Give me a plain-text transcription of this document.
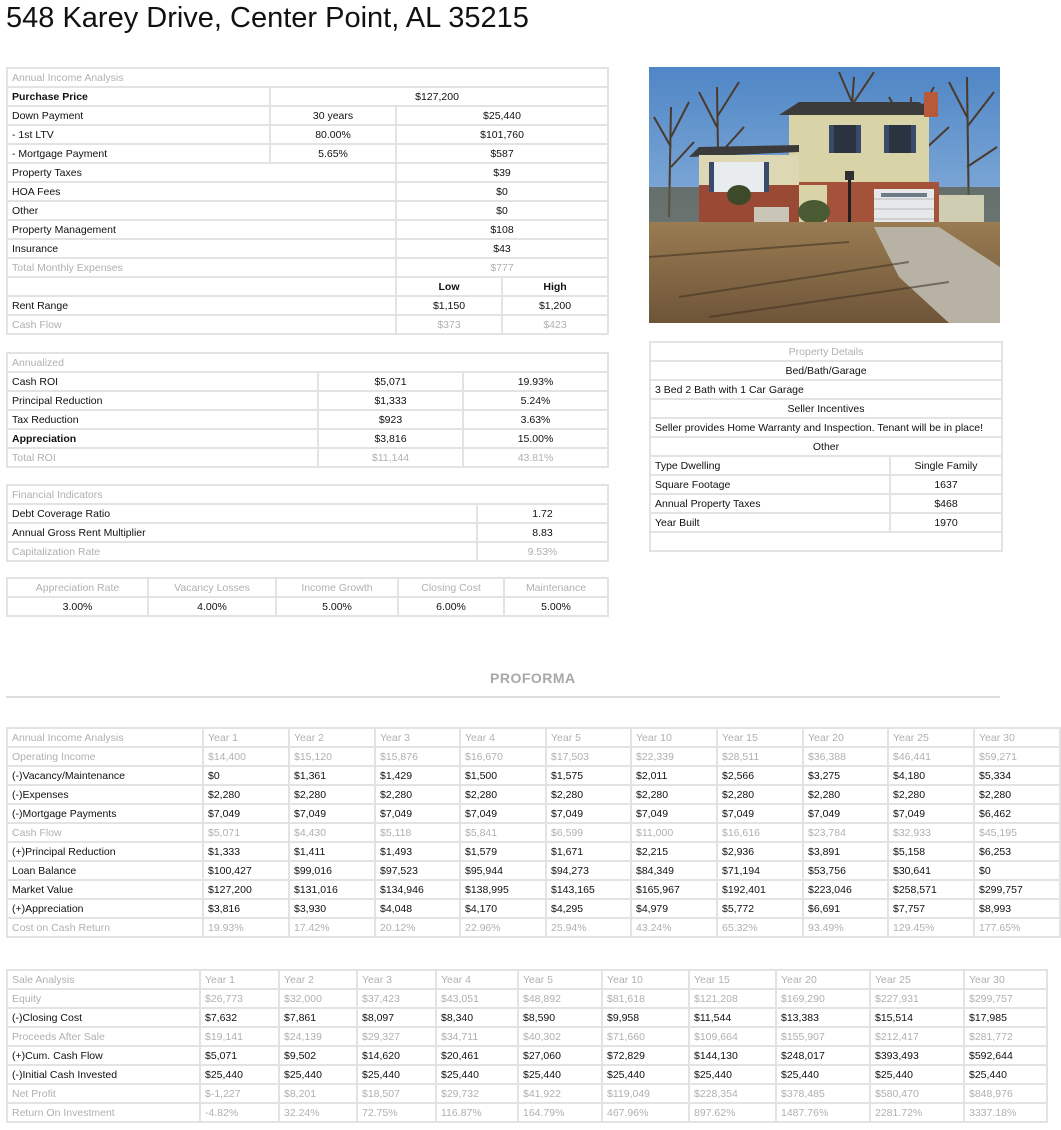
548 Karey Drive, Center Point, AL 35215
Annual Income Analysis			
Purchase Price	$127,200		
Down Payment	30 years	$25,440	
- 1st LTV	80.00%	$101,760	
- Mortgage Payment	5.65%	$587	
Property Taxes		$39	
HOA Fees		$0	
Other		$0	
Property Management		$108	
Insurance		$43	
Total Monthly Expenses		$777	
		Low	High
Rent Range		$1,150	$1,200
Cash Flow		$373	$423
Annualized		
Cash ROI	$5,071	19.93%
Principal Reduction	$1,333	5.24%
Tax Reduction	$923	3.63%
Appreciation	$3,816	15.00%
Total ROI	$11,144	43.81%
Financial Indicators	
Debt Coverage Ratio	1.72
Annual Gross Rent Multiplier	8.83
Capitalization Rate	9.53%
Appreciation Rate	Vacancy Losses	Income Growth	Closing Cost	Maintenance
3.00%	4.00%	5.00%	6.00%	5.00%
Property Details	
Bed/Bath/Garage	
3 Bed 2 Bath with 1 Car Garage	
Seller Incentives	
Seller provides Home Warranty and Inspection. Tenant will be in place!	
Other	
Type Dwelling	Single Family
Square Footage	1637
Annual Property Taxes	$468
Year Built	1970

PROFORMA
Annual Income Analysis	Year 1	Year 2	Year 3	Year 4	Year 5	Year 10	Year 15	Year 20	Year 25	Year 30
Operating Income	$14,400	$15,120	$15,876	$16,670	$17,503	$22,339	$28,511	$36,388	$46,441	$59,271
(-)Vacancy/Maintenance	$0	$1,361	$1,429	$1,500	$1,575	$2,011	$2,566	$3,275	$4,180	$5,334
(-)Expenses	$2,280	$2,280	$2,280	$2,280	$2,280	$2,280	$2,280	$2,280	$2,280	$2,280
(-)Mortgage Payments	$7,049	$7,049	$7,049	$7,049	$7,049	$7,049	$7,049	$7,049	$7,049	$6,462
Cash Flow	$5,071	$4,430	$5,118	$5,841	$6,599	$11,000	$16,616	$23,784	$32,933	$45,195
(+)Principal Reduction	$1,333	$1,411	$1,493	$1,579	$1,671	$2,215	$2,936	$3,891	$5,158	$6,253
Loan Balance	$100,427	$99,016	$97,523	$95,944	$94,273	$84,349	$71,194	$53,756	$30,641	$0
Market Value	$127,200	$131,016	$134,946	$138,995	$143,165	$165,967	$192,401	$223,046	$258,571	$299,757
(+)Appreciation	$3,816	$3,930	$4,048	$4,170	$4,295	$4,979	$5,772	$6,691	$7,757	$8,993
Cost on Cash Return	19.93%	17.42%	20.12%	22.96%	25.94%	43.24%	65.32%	93.49%	129.45%	177.65%
Sale Analysis	Year 1	Year 2	Year 3	Year 4	Year 5	Year 10	Year 15	Year 20	Year 25	Year 30
Equity	$26,773	$32,000	$37,423	$43,051	$48,892	$81,618	$121,208	$169,290	$227,931	$299,757
(-)Closing Cost	$7,632	$7,861	$8,097	$8,340	$8,590	$9,958	$11,544	$13,383	$15,514	$17,985
Proceeds After Sale	$19,141	$24,139	$29,327	$34,711	$40,302	$71,660	$109,664	$155,907	$212,417	$281,772
(+)Cum. Cash Flow	$5,071	$9,502	$14,620	$20,461	$27,060	$72,829	$144,130	$248,017	$393,493	$592,644
(-)Initial Cash Invested	$25,440	$25,440	$25,440	$25,440	$25,440	$25,440	$25,440	$25,440	$25,440	$25,440
Net Profit	$-1,227	$8,201	$18,507	$29,732	$41,922	$119,049	$228,354	$378,485	$580,470	$848,976
Return On Investment	-4.82%	32.24%	72.75%	116.87%	164.79%	467.96%	897.62%	1487.76%	2281.72%	3337.18%
